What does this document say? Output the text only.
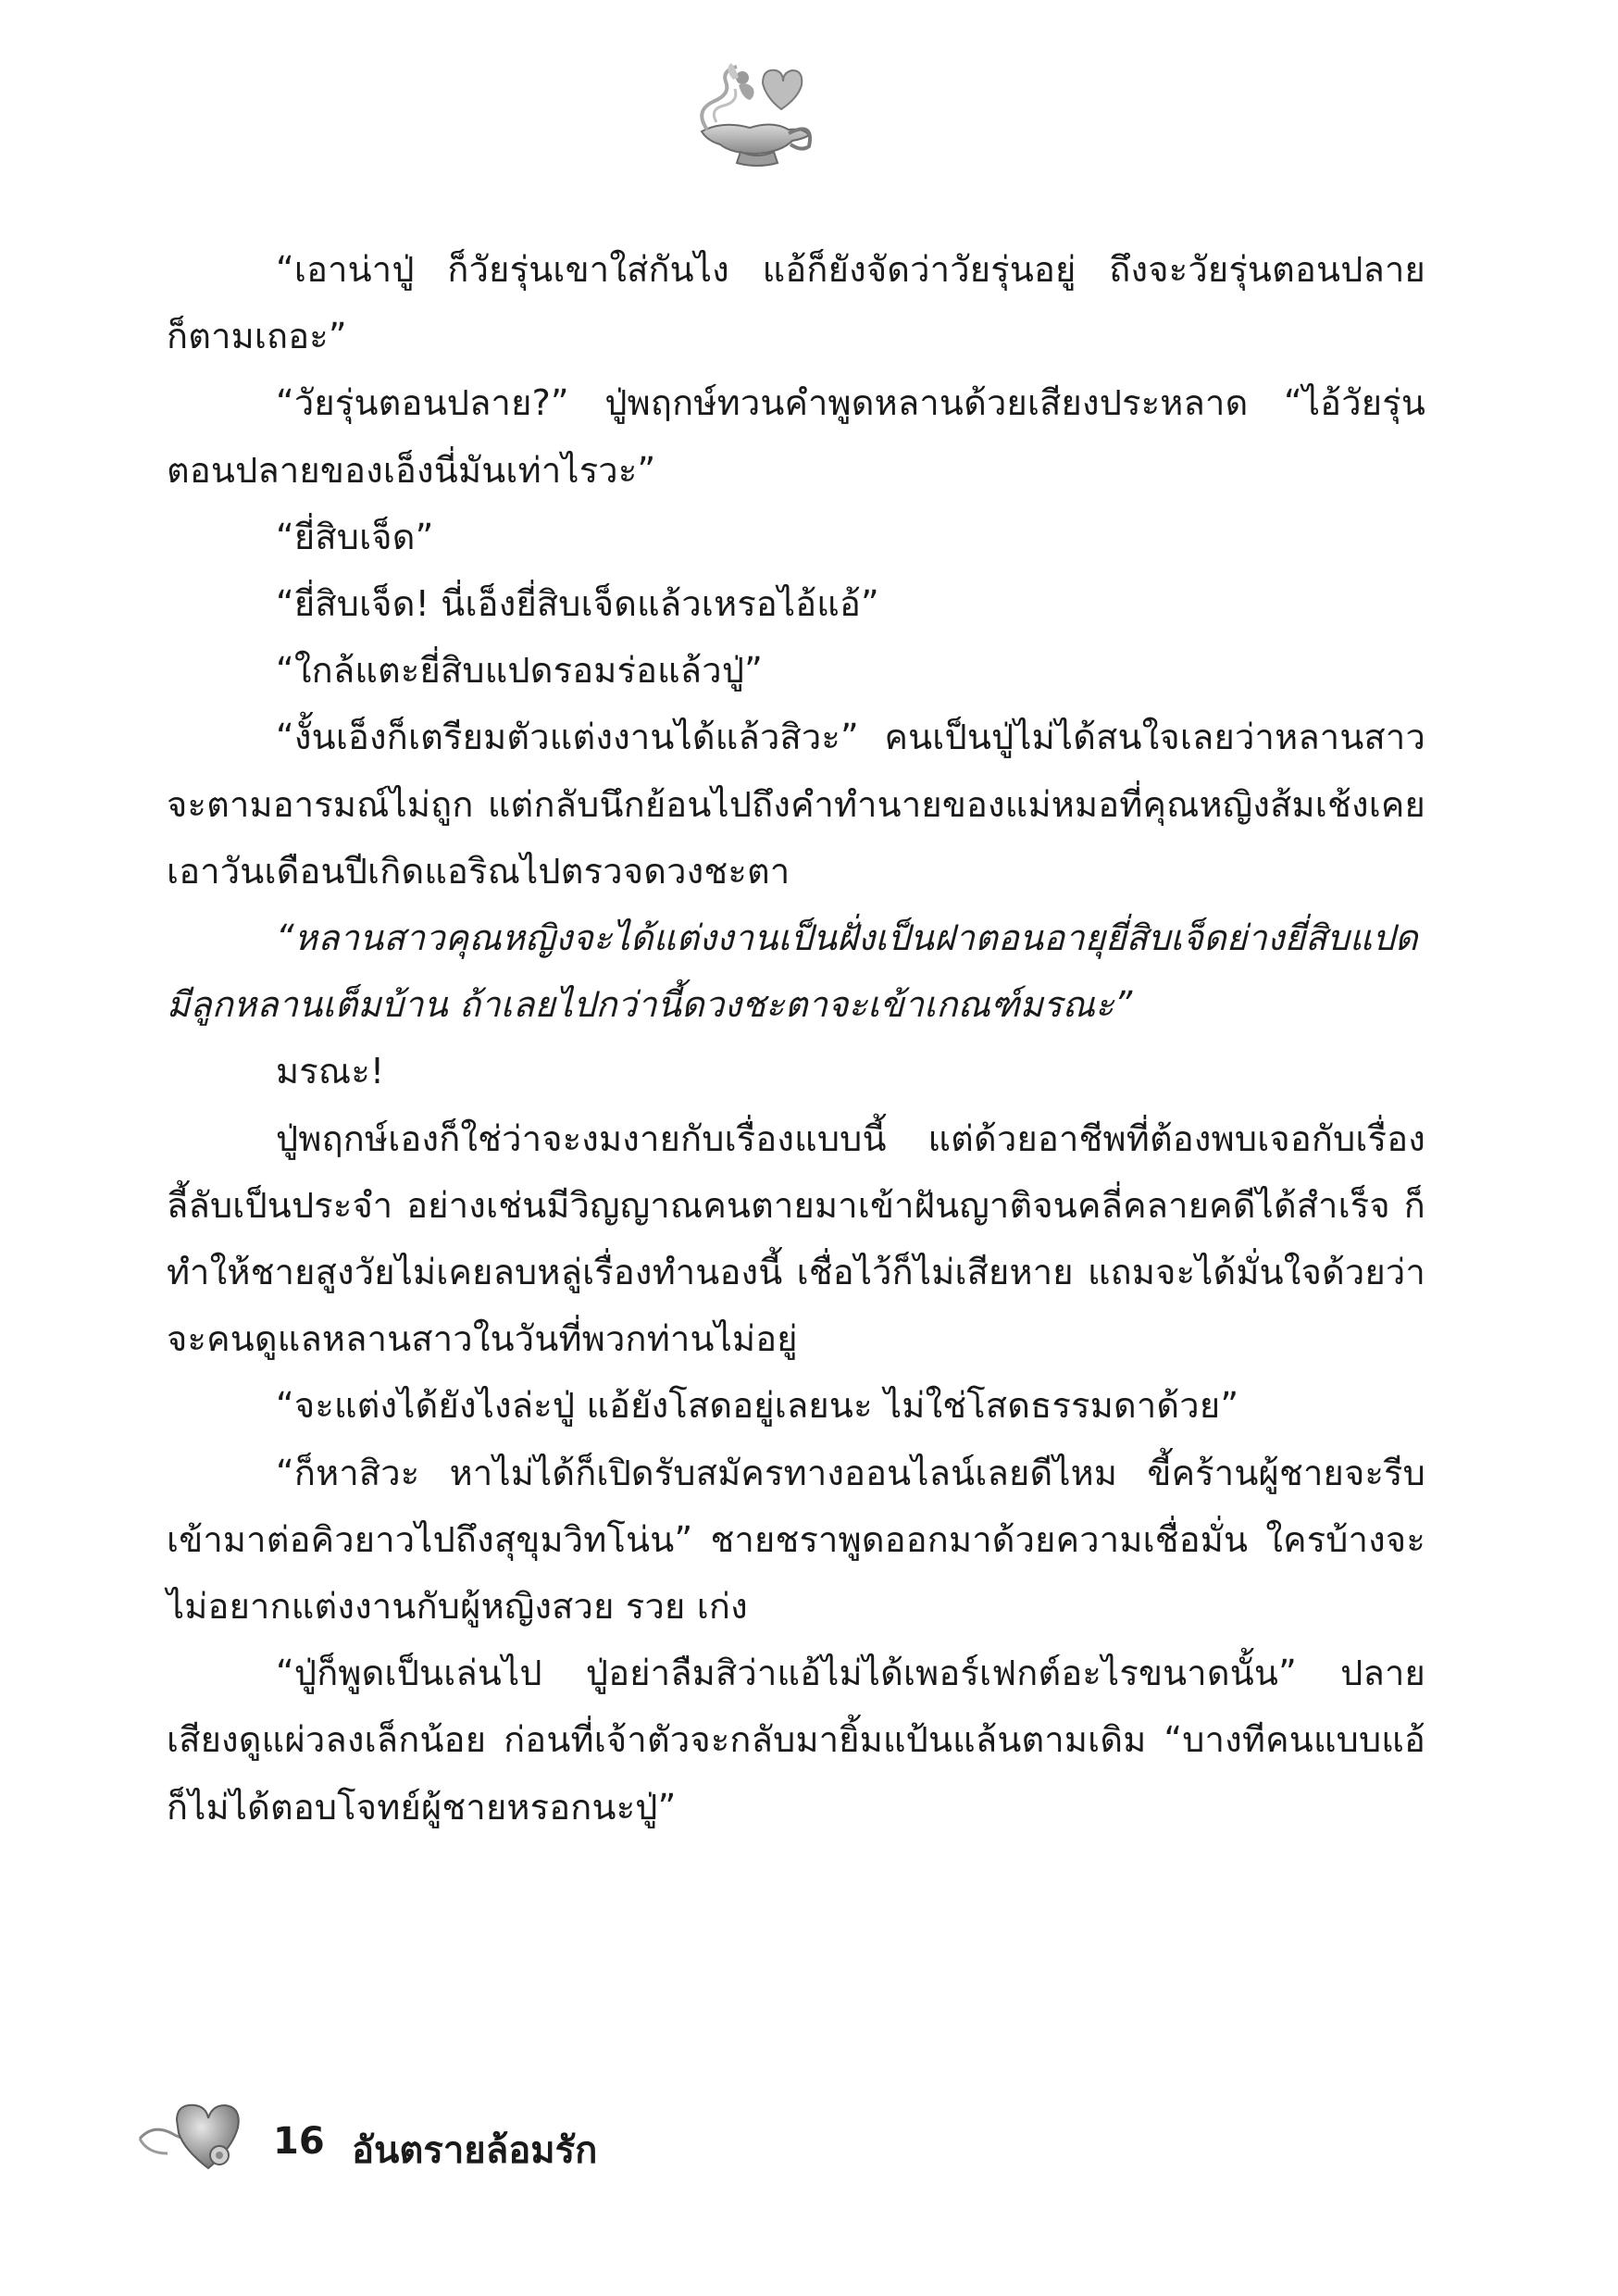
“เอาน่าปู่ ก็วัยรุ่นเขาใส่กันไง แอ้ก็ยังจัดว่าวัยรุ่นอยู่ ถึงจะวัยรุ่นตอนปลายก็ตามเถอะ”

“วัยรุ่นตอนปลาย?” ปู่พฤกษ์ทวนคำพูดหลานด้วยเสียงประหลาด “ไอ้วัยรุ่นตอนปลายของเอ็งนี่มันเท่าไรวะ”

“ยี่สิบเจ็ด”

“ยี่สิบเจ็ด! นี่เอ็งยี่สิบเจ็ดแล้วเหรอไอ้แอ้”

“ใกล้แตะยี่สิบแปดรอมร่อแล้วปู่”

“งั้นเอ็งก็เตรียมตัวแต่งงานได้แล้วสิวะ” คนเป็นปู่ไม่ได้สนใจเลยว่าหลานสาวจะตามอารมณ์ไม่ถูก แต่กลับนึกย้อนไปถึงคำทำนายของแม่หมอที่คุณหญิงส้มเช้งเคยเอาวันเดือนปีเกิดแอริณไปตรวจดวงชะตา

“หลานสาวคุณหญิงจะได้แต่งงานเป็นฝั่งเป็นฝาตอนอายุยี่สิบเจ็ดย่างยี่สิบแปด มีลูกหลานเต็มบ้าน ถ้าเลยไปกว่านี้ดวงชะตาจะเข้าเกณฑ์มรณะ”

มรณะ!

ปู่พฤกษ์เองก็ใช่ว่าจะงมงายกับเรื่องแบบนี้ แต่ด้วยอาชีพที่ต้องพบเจอกับเรื่องลี้ลับเป็นประจำ อย่างเช่นมีวิญญาณคนตายมาเข้าฝันญาติจนคลี่คลายคดีได้สำเร็จ ก็ทำให้ชายสูงวัยไม่เคยลบหลู่เรื่องทำนองนี้ เชื่อไว้ก็ไม่เสียหาย แถมจะได้มั่นใจด้วยว่าจะคนดูแลหลานสาวในวันที่พวกท่านไม่อยู่

“จะแต่งได้ยังไงล่ะปู่ แอ้ยังโสดอยู่เลยนะ ไม่ใช่โสดธรรมดาด้วย”

“ก็หาสิวะ หาไม่ได้ก็เปิดรับสมัครทางออนไลน์เลยดีไหม ขี้คร้านผู้ชายจะรีบเข้ามาต่อคิวยาวไปถึงสุขุมวิทโน่น” ชายชราพูดออกมาด้วยความเชื่อมั่น ใครบ้างจะไม่อยากแต่งงานกับผู้หญิงสวย รวย เก่ง

“ปู่ก็พูดเป็นเล่นไป ปู่อย่าลืมสิว่าแอ้ไม่ได้เพอร์เฟกต์อะไรขนาดนั้น” ปลายเสียงดูแผ่วลงเล็กน้อย ก่อนที่เจ้าตัวจะกลับมายิ้มแป้นแล้นตามเดิม “บางทีคนแบบแอ้ก็ไม่ได้ตอบโจทย์ผู้ชายหรอกนะปู่”

16 อันตรายล้อมรัก
